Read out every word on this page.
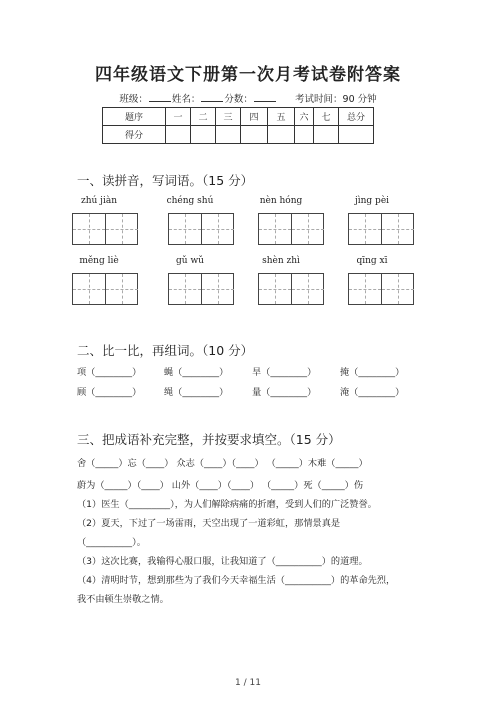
四年级语文下册第一次月考试卷附答案
班级：	姓名：	分数：	考试时间：90 分钟
题序	一	二	三	四	五	六	七	总分
得分								
一、读拼音，写词语。（15 分）
zhú jiàn	chéng shú	nèn hóng	jìng pèi
měng liè	gǔ wǔ	shèn zhì	qīng xī
二、比一比，再组词。（10 分）
项（________） 蝇（________）	旱（________）	掩（________）
顾（________） 绳（________）	量（________）	淹（________）
三、把成语补充完整，并按要求填空。（15 分）
舍（_____）忘（____） 众志（____）（____） （_____）木难（_____）
蔚为（_____）（____） 山外（____）（____） （_____）死（_____）伤
（1）医生（_________），为人们解除病痛的折磨，受到人们的广泛赞誉。
（2）夏天，下过了一场雷雨，天空出现了一道彩虹，那情景真是
（__________）。
（3）这次比赛，我输得心服口服，让我知道了（__________）的道理。
（4）清明时节，想到那些为了我们今天幸福生活（__________）的革命先烈，
我不由顿生崇敬之情。
1 / 11
